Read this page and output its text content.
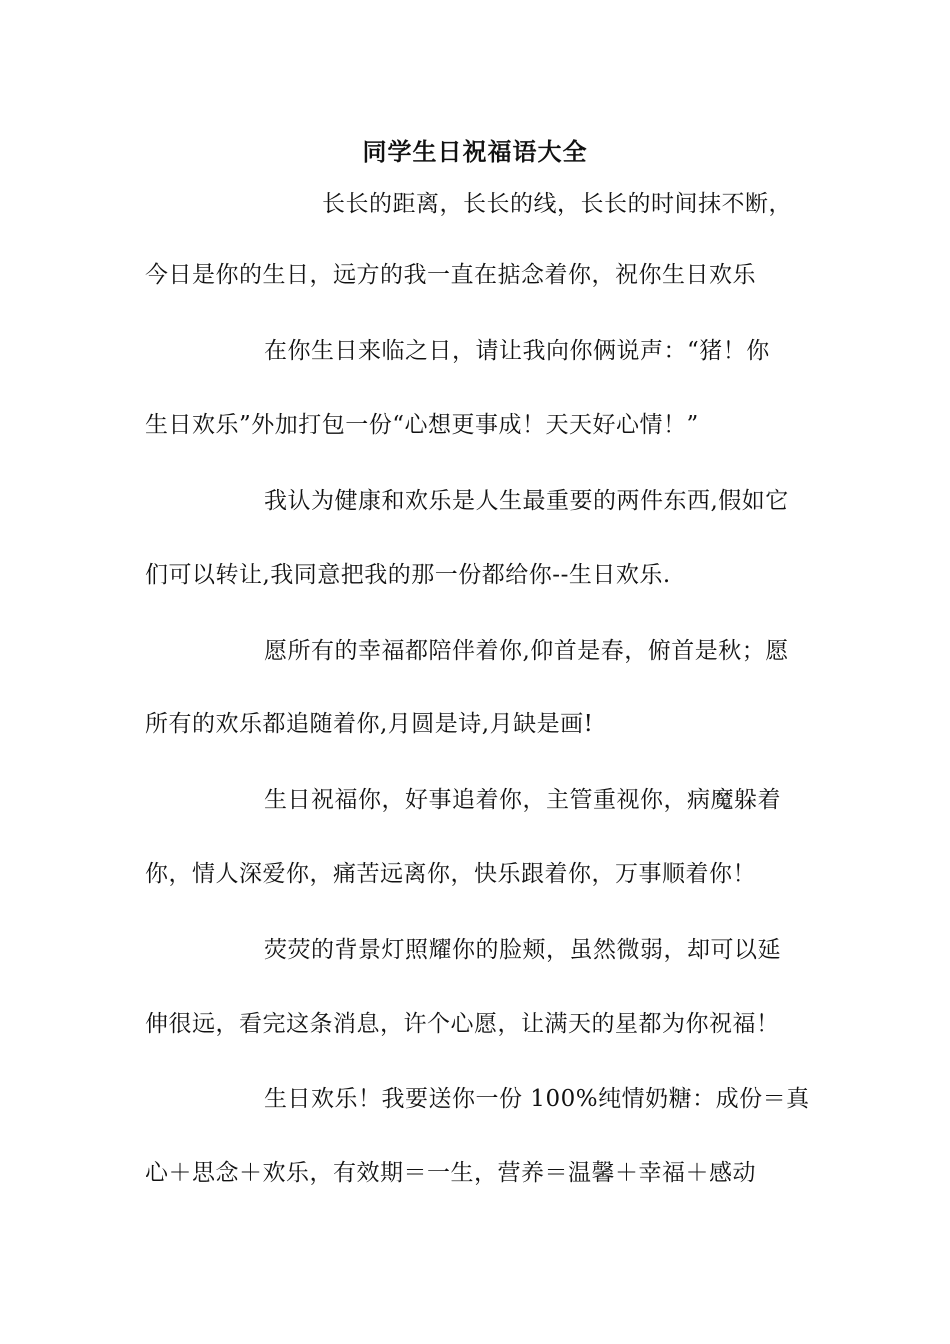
同学生日祝福语大全
长长的距离，长长的线，长长的时间抹不断，
今日是你的生日，远方的我一直在掂念着你，祝你生日欢乐
在你生日来临之日，请让我向你俩说声：“猪！你
生日欢乐”外加打包一份“心想更事成！天天好心情！”
我认为健康和欢乐是人生最重要的两件东西,假如它
们可以转让,我同意把我的那一份都给你--生日欢乐.
愿所有的幸福都陪伴着你,仰首是春，俯首是秋；愿
所有的欢乐都追随着你,月圆是诗,月缺是画!
生日祝福你，好事追着你，主管重视你，病魔躲着
你，情人深爱你，痛苦远离你，快乐跟着你，万事顺着你！
荧荧的背景灯照耀你的脸颊，虽然微弱，却可以延
伸很远，看完这条消息，许个心愿，让满天的星都为你祝福！
生日欢乐！我要送你一份 100%纯情奶糖：成份＝真
心＋思念＋欢乐，有效期＝一生，营养＝温馨＋幸福＋感动
